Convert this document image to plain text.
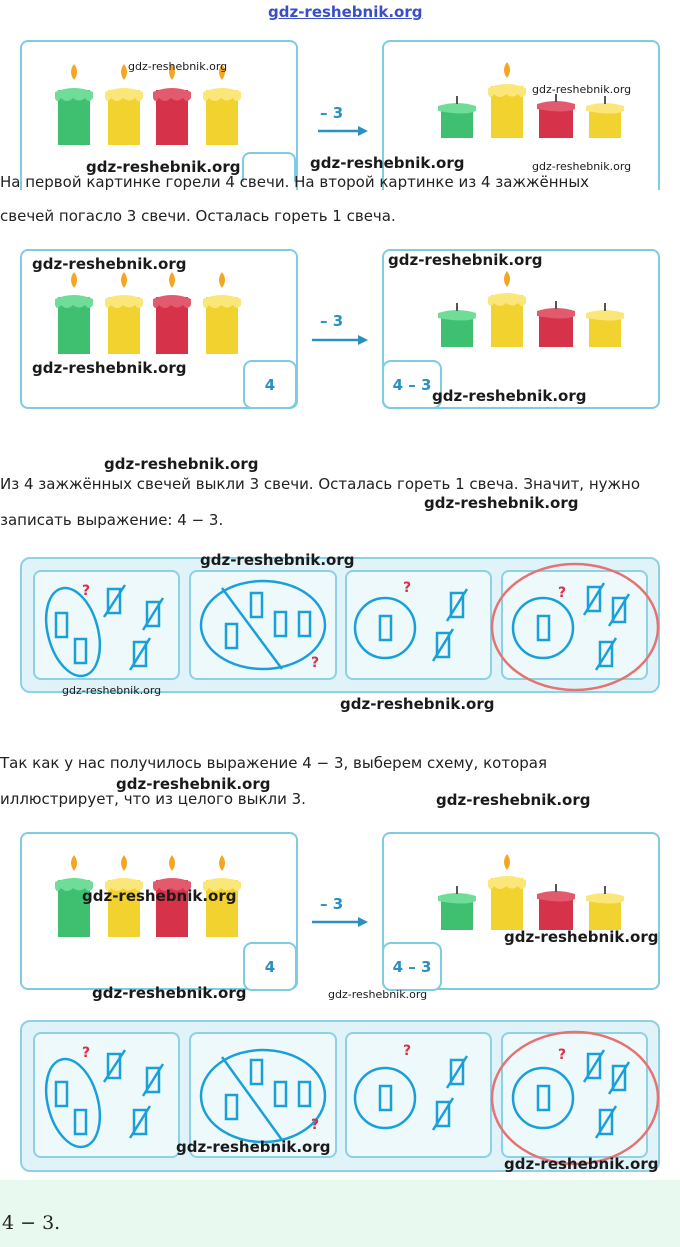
gdz-reshebnik.org
– 3
gdz-reshebnik.org
gdz-reshebnik.org
gdz-reshebnik.org	gdz-reshebnik.org	gdz-reshebnik.org
На первой картинке горели 4 свечи. На второй картинке из 4 зажжённых
свечей погасло 3 свечи. Осталась гореть 1 свеча.
– 3
4	4 – 3
gdz-reshebnik.org	gdz-reshebnik.org
gdz-reshebnik.org
gdz-reshebnik.org
gdz-reshebnik.org
Из 4 зажжённых свечей выкли 3 свечи. Осталась гореть 1 свеча. Значит, нужно
gdz-reshebnik.org
записать выражение: 4 − 3.
?
?
?	?
gdz-reshebnik.org
gdz-reshebnik.org
gdz-reshebnik.org
Так как у нас получилось выражение 4 − 3, выберем схему, которая
gdz-reshebnik.org
иллюстрирует, что из целого выкли 3.	gdz-reshebnik.org
– 3
4	4 – 3
gdz-reshebnik.org
gdz-reshebnik.org
gdz-reshebnik.org	gdz-reshebnik.org
?
?
?	?
gdz-reshebnik.org
gdz-reshebnik.org
4 − 3.
